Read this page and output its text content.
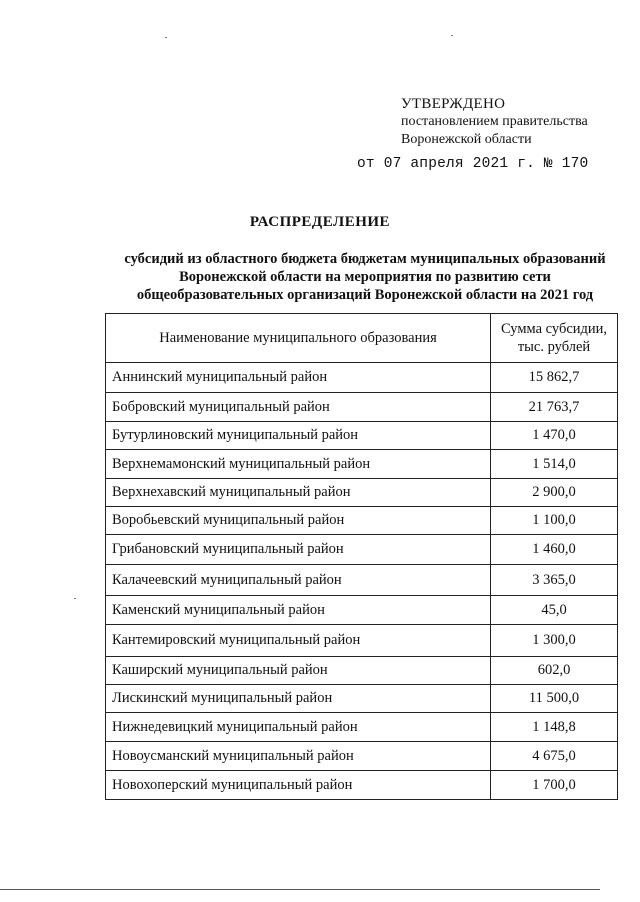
УТВЕРЖДЕНО
постановлением правительства
Воронежской области
от 07 апреля 2021 г. № 170
РАСПРЕДЕЛЕНИЕ
субсидий из областного бюджета бюджетам муниципальных образований
Воронежской области на мероприятия по развитию сети
общеобразовательных организаций Воронежской области на 2021 год
Наименование муниципального образования	Сумма субсидии,
тыс. рублей

Аннинский муниципальный район	15 862,7
Бобровский муниципальный район	21 763,7
Бутурлиновский муниципальный район	1 470,0
Верхнемамонский муниципальный район	1 514,0
Верхнехавский муниципальный район	2 900,0
Воробьевский муниципальный район	1 100,0
Грибановский муниципальный район	1 460,0
Калачеевский муниципальный район	3 365,0
Каменский муниципальный район	45,0
Кантемировский муниципальный район	1 300,0
Каширский муниципальный район	602,0
Лискинский муниципальный район	11 500,0
Нижнедевицкий муниципальный район	1 148,8
Новоусманский муниципальный район	4 675,0
Новохоперский муниципальный район	1 700,0
